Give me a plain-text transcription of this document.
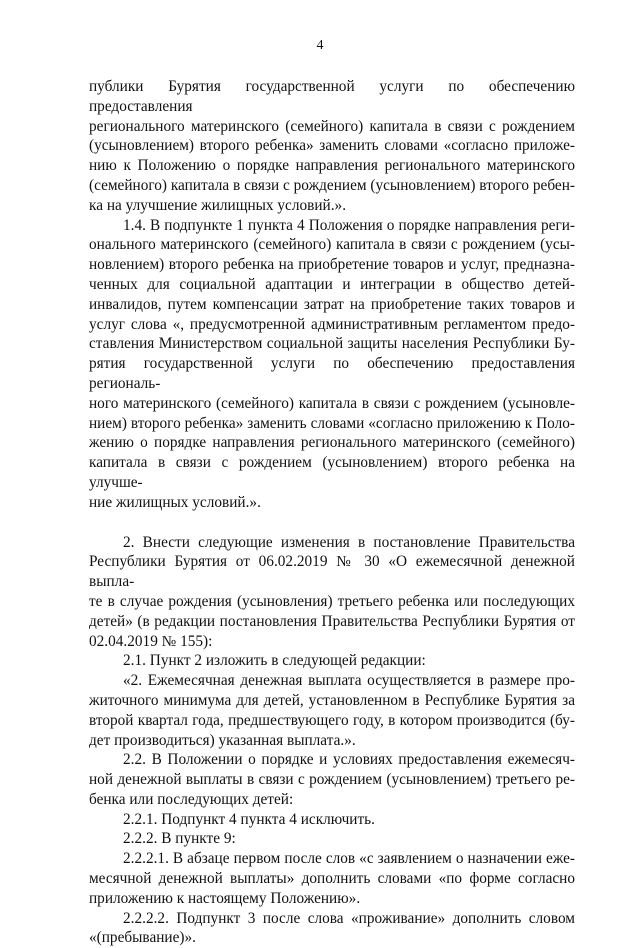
4

публики Бурятия государственной услуги по обеспечению предоставления

регионального материнского (семейного) капитала в связи с рождением

(усыновлением) второго ребенка» заменить словами «согласно приложе-

нию к Положению о порядке направления регионального материнского

(семейного) капитала в связи с рождением (усыновлением) второго ребен-

ка на улучшение жилищных условий.».

1.4. В подпункте 1 пункта 4 Положения о порядке направления реги-

онального материнского (семейного) капитала в связи с рождением (усы-

новлением) второго ребенка на приобретение товаров и услуг, предназна-

ченных для социальной адаптации и интеграции в общество детей-

инвалидов, путем компенсации затрат на приобретение таких товаров и

услуг слова «, предусмотренной административным регламентом предо-

ставления Министерством социальной защиты населения Республики Бу-

рятия государственной услуги по обеспечению предоставления региональ-

ного материнского (семейного) капитала в связи с рождением (усыновле-

нием) второго ребенка» заменить словами «согласно приложению к Поло-

жению о порядке направления регионального материнского (семейного)

капитала в связи с рождением (усыновлением) второго ребенка на улучше-

ние жилищных условий.».

2. Внести следующие изменения в постановление Правительства

Республики Бурятия от 06.02.2019 № 30 «О ежемесячной денежной выпла-

те в случае рождения (усыновления) третьего ребенка или последующих

детей» (в редакции постановления Правительства Республики Бурятия от

02.04.2019 № 155):

2.1. Пункт 2 изложить в следующей редакции:

«2. Ежемесячная денежная выплата осуществляется в размере про-

житочного минимума для детей, установленном в Республике Бурятия за

второй квартал года, предшествующего году, в котором производится (бу-

дет производиться) указанная выплата.».

2.2. В Положении о порядке и условиях предоставления ежемесяч-

ной денежной выплаты в связи с рождением (усыновлением) третьего ре-

бенка или последующих детей:

2.2.1. Подпункт 4 пункта 4 исключить.

2.2.2. В пункте 9:

2.2.2.1. В абзаце первом после слов «с заявлением о назначении еже-

месячной денежной выплаты» дополнить словами «по форме согласно

приложению к настоящему Положению».

2.2.2.2. Подпункт 3 после слова «проживание» дополнить словом

«(пребывание)».
